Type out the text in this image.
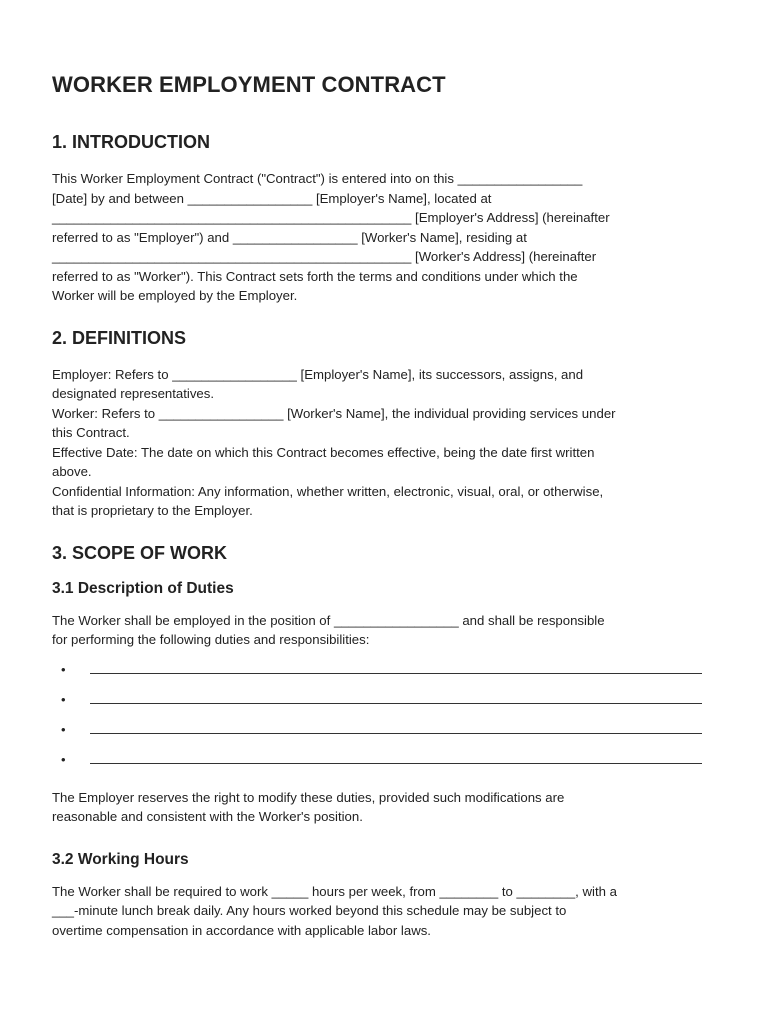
WORKER EMPLOYMENT CONTRACT
1. INTRODUCTION

This Worker Employment Contract ("Contract") is entered into on this _________________
[Date] by and between _________________ [Employer's Name], located at
_________________________________________________ [Employer's Address] (hereinafter
referred to as "Employer") and _________________ [Worker's Name], residing at
_________________________________________________ [Worker's Address] (hereinafter
referred to as "Worker"). This Contract sets forth the terms and conditions under which the
Worker will be employed by the Employer.

2. DEFINITIONS

Employer: Refers to _________________ [Employer's Name], its successors, assigns, and
designated representatives.

Worker: Refers to _________________ [Worker's Name], the individual providing services under
this Contract.

Effective Date: The date on which this Contract becomes effective, being the date first written
above.

Confidential Information: Any information, whether written, electronic, visual, oral, or otherwise,
that is proprietary to the Employer.

3. SCOPE OF WORK
3.1 Description of Duties

The Worker shall be employed in the position of _________________ and shall be responsible
for performing the following duties and responsibilities:

•
•
•
•

The Employer reserves the right to modify these duties, provided such modifications are
reasonable and consistent with the Worker's position.

3.2 Working Hours

The Worker shall be required to work _____ hours per week, from ________ to ________, with a
___-minute lunch break daily. Any hours worked beyond this schedule may be subject to
overtime compensation in accordance with applicable labor laws.
